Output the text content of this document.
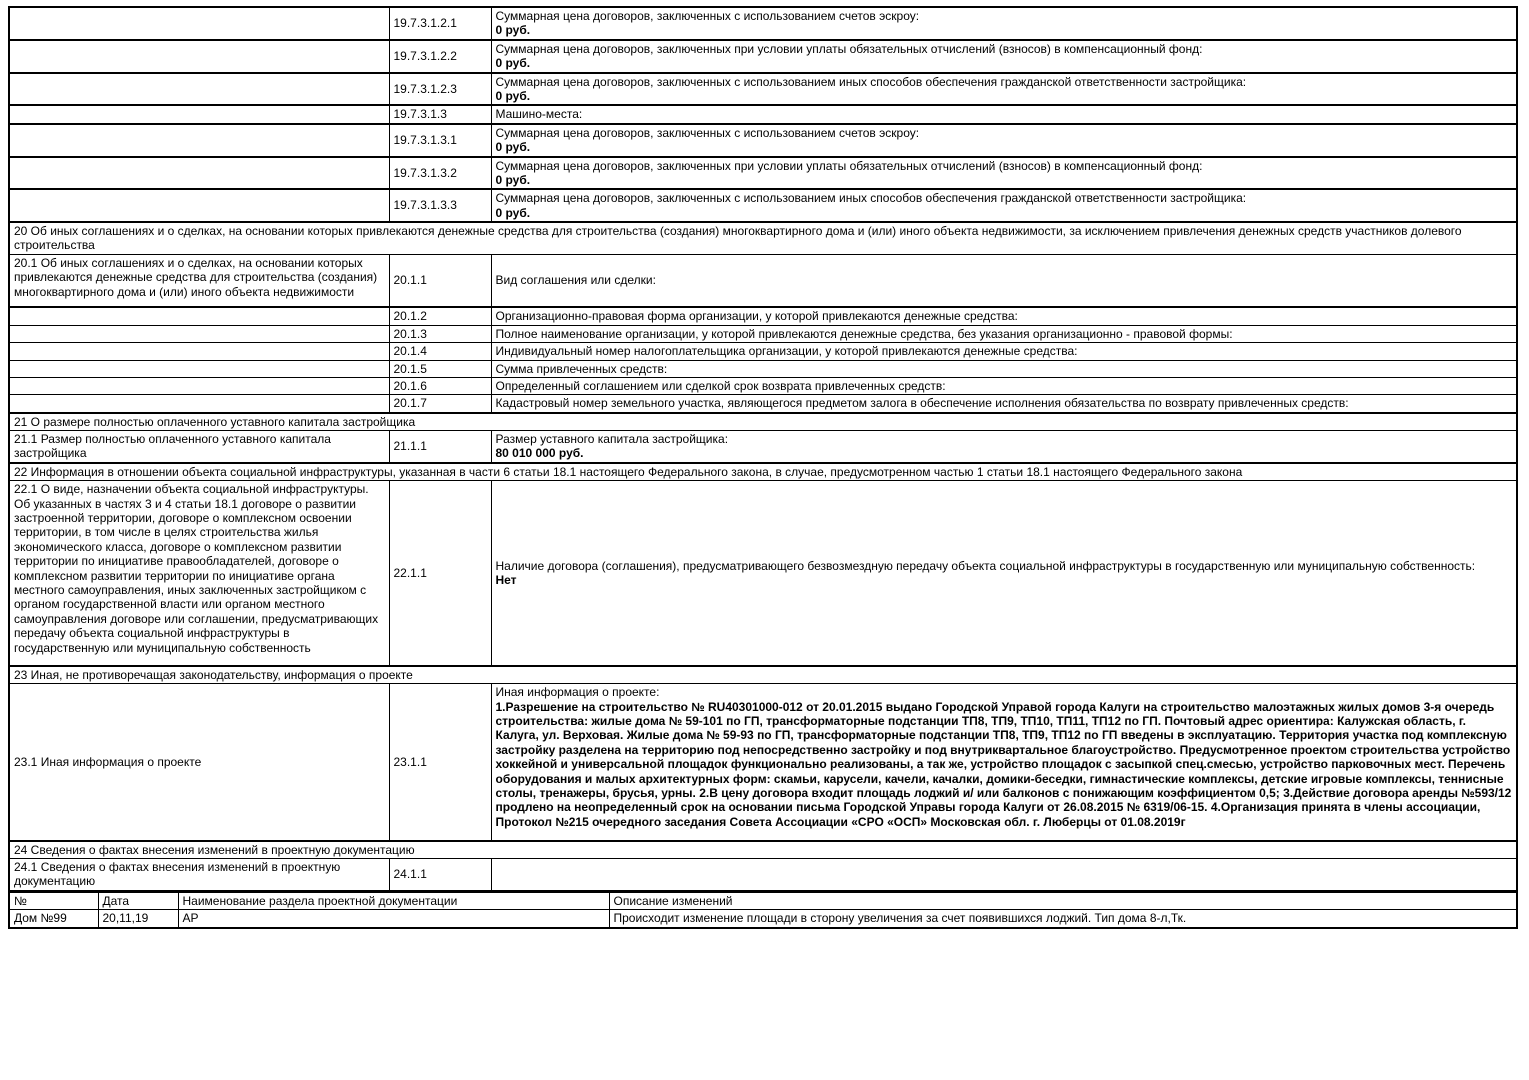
	19.7.3.1.2.1	Суммарная цена договоров, заключенных с использованием счетов эскроу:
0 руб.

	19.7.3.1.2.2	Суммарная цена договоров, заключенных при условии уплаты обязательных отчислений (взносов) в компенсационный фонд:
0 руб.

	19.7.3.1.2.3	Суммарная цена договоров, заключенных с использованием иных способов обеспечения гражданской ответственности застройщика:
0 руб.

	19.7.3.1.3	Машино-места:

	19.7.3.1.3.1	Суммарная цена договоров, заключенных с использованием счетов эскроу:
0 руб.

	19.7.3.1.3.2	Суммарная цена договоров, заключенных при условии уплаты обязательных отчислений (взносов) в компенсационный фонд:
0 руб.

	19.7.3.1.3.3	Суммарная цена договоров, заключенных с использованием иных способов обеспечения гражданской ответственности застройщика:
0 руб.

20 Об иных соглашениях и о сделках, на основании которых привлекаются денежные средства для строительства (создания) многоквартирного дома и (или) иного объекта недвижимости, за исключением привлечения денежных средств участников долевого строительства		
20.1 Об иных соглашениях и о сделках, на основании которых привлекаются денежные средства для строительства (создания) многоквартирного дома и (или) иного объекта недвижимости	20.1.1	Вид соглашения или сделки:
	20.1.2	Организационно-правовая форма организации, у которой привлекаются денежные средства:
	20.1.3	Полное наименование организации, у которой привлекаются денежные средства, без указания организационно - правовой формы:
	20.1.4	Индивидуальный номер налогоплательщика организации, у которой привлекаются денежные средства:
	20.1.5	Сумма привлеченных средств:
	20.1.6	Определенный соглашением или сделкой срок возврата привлеченных средств:
	20.1.7	Кадастровый номер земельного участка, являющегося предметом залога в обеспечение исполнения обязательства по возврату привлеченных средств:
21 О размере полностью оплаченного уставного капитала застройщика		
21.1 Размер полностью оплаченного уставного капитала застройщика	21.1.1	Размер уставного капитала застройщика:
80 010 000 руб.

22 Информация в отношении объекта социальной инфраструктуры, указанная в части 6 статьи 18.1 настоящего Федерального закона, в случае, предусмотренном частью 1 статьи 18.1 настоящего Федерального закона		
22.1 О виде, назначении объекта социальной инфраструктуры. Об указанных в частях 3 и 4 статьи 18.1 договоре о развитии застроенной территории, договоре о комплексном освоении территории, в том числе в целях строительства жилья экономического класса, договоре о комплексном развитии территории по инициативе правообладателей, договоре о комплексном развитии территории по инициативе органа местного самоуправления, иных заключенных застройщиком с органом государственной власти или органом местного самоуправления договоре или соглашении, предусматривающих передачу объекта социальной инфраструктуры в государственную или муниципальную собственность	22.1.1	Наличие договора (соглашения), предусматривающего безвозмездную передачу объекта социальной инфраструктуры в государственную или муниципальную собственность:
Нет

23 Иная, не противоречащая законодательству, информация о проекте		
23.1 Иная информация о проекте	23.1.1	Иная информация о проекте:
1.Разрешение на строительство № RU40301000-012 от 20.01.2015 выдано Городской Управой города Калуги на строительство малоэтажных жилых домов 3-я очередь строительства: жилые дома № 59-101 по ГП, трансформаторные подстанции ТП8, ТП9, ТП10, ТП11, ТП12 по ГП. Почтовый адрес ориентира: Калужская область, г. Калуга, ул. Верховая. Жилые дома № 59-93 по ГП, трансформаторные подстанции ТП8, ТП9, ТП12 по ГП введены в эксплуатацию. Территория участка под комплексную застройку разделена на территорию под непосредственно застройку и под внутриквартальное благоустройство. Предусмотренное проектом строительства устройство хоккейной и универсальной площадок функционально реализованы, а так же, устройство площадок с засыпкой спец.смесью, устройство парковочных мест. Перечень оборудования и малых архитектурных форм: скамьи, карусели, качели, качалки, домики-беседки, гимнастические комплексы, детские игровые комплексы, теннисные столы, тренажеры, брусья, урны. 2.В цену договора входит площадь лоджий и/ или балконов с понижающим коэффициентом 0,5; 3.Действие договора аренды №593/12 продлено на неопределенный срок на основании письма Городской Управы города Калуги от 26.08.2015 № 6319/06-15. 4.Организация принята в члены ассоциации, Протокол №215 очередного заседания Совета Ассоциации «СРО «ОСП» Московская обл. г. Люберцы от 01.08.2019г

24 Сведения о фактах внесения изменений в проектную документацию		
24.1 Сведения о фактах внесения изменений в проектную документацию	24.1.1	
№	Дата	Наименование раздела проектной документации	Описание изменений
Дом №99	20,11,19	АР	Происходит изменение площади в сторону увеличения за счет появившихся лоджий. Тип дома 8-л,Тк.
